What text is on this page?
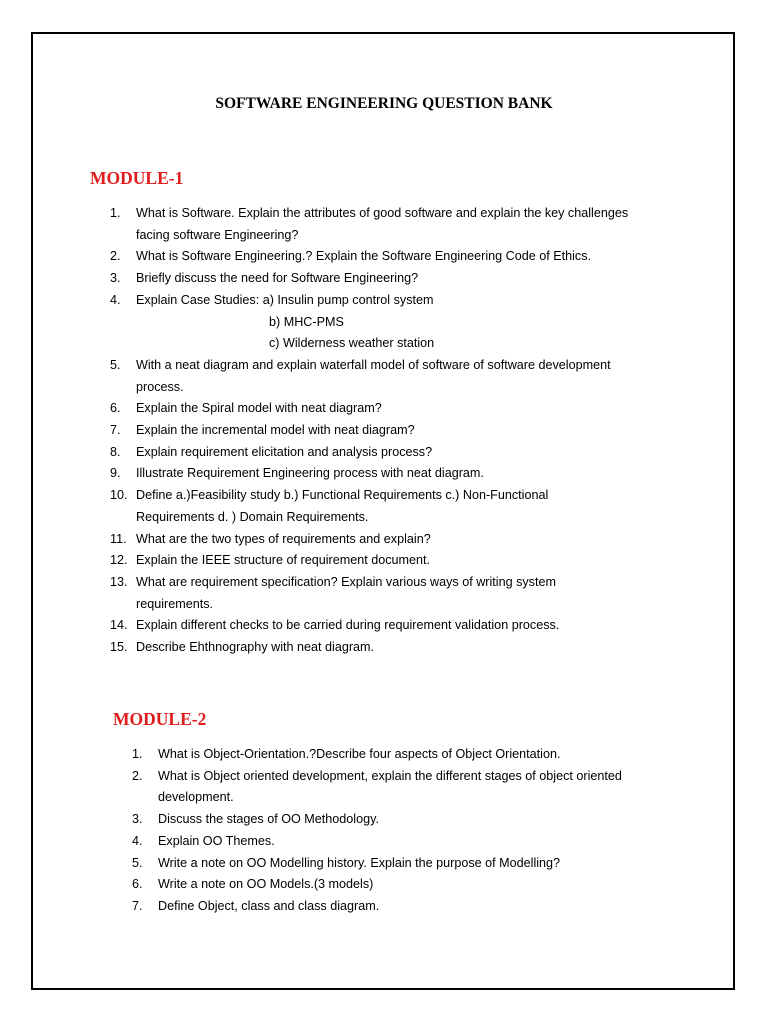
SOFTWARE ENGINEERING QUESTION BANK
MODULE-1
1.	What is Software. Explain the attributes of good software and explain the key challenges
facing software Engineering?
2.	What is Software Engineering.? Explain the Software Engineering Code of Ethics.
3.	Briefly discuss the need for Software Engineering?
4.	Explain Case Studies: a) Insulin pump control system
b) MHC-PMS
c) Wilderness weather station
5.	With a neat diagram and explain waterfall model of software of software development
process.
6.	Explain the Spiral model with neat diagram?
7.	Explain the incremental model with neat diagram?
8.	Explain requirement elicitation and analysis process?
9.	Illustrate Requirement Engineering process with neat diagram.
10. Define a.)Feasibility study b.) Functional Requirements c.) Non-Functional
Requirements d. ) Domain Requirements.
11. What are the two types of requirements and explain?
12. Explain the IEEE structure of requirement document.
13. What are requirement specification? Explain various ways of writing system
requirements.
14. Explain different checks to be carried during requirement validation process.
15. Describe Ehthnography with neat diagram.
MODULE-2
1.	What is Object-Orientation.?Describe four aspects of Object Orientation.
2.	What is Object oriented development, explain the different stages of object oriented
development.
3.	Discuss the stages of OO Methodology.
4.	Explain OO Themes.
5.	Write a note on OO Modelling history. Explain the purpose of Modelling?
6.	Write a note on OO Models.(3 models)
7.	Define Object, class and class diagram.
